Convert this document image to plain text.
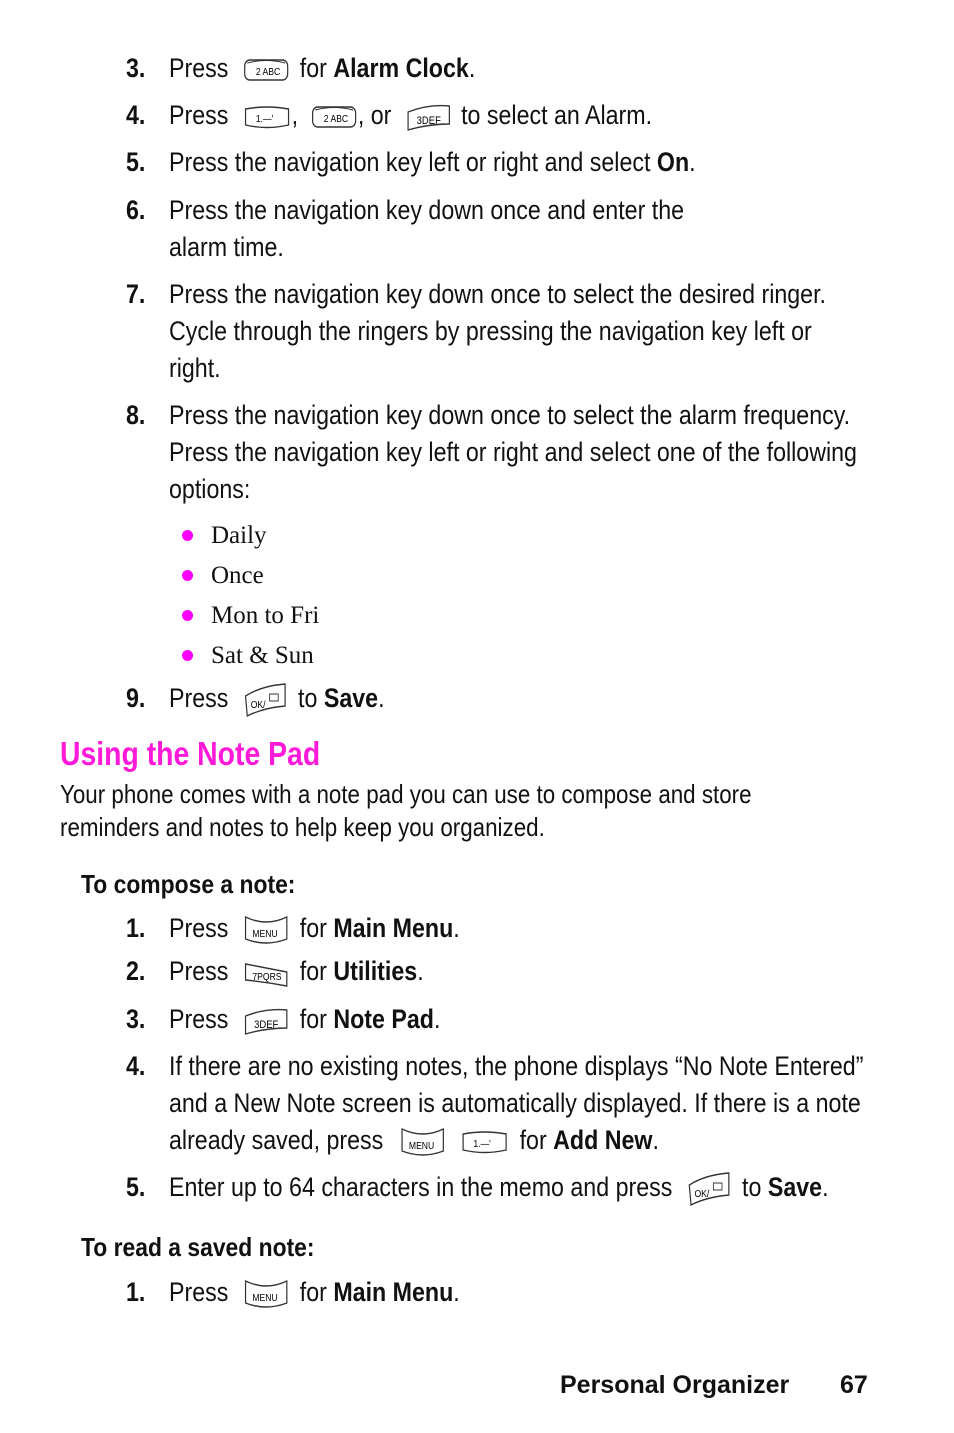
3. Press	2 ABC for Alarm Clock.
4. Press	1.—' ,	2 ABC , or 3DEF to select an Alarm.
5. Press the navigation key left or right and select On.
6. Press the navigation key down once and enter the
alarm time.
7. Press the navigation key down once to select the desired ringer.
Cycle through the ringers by pressing the navigation key left or
right.
8. Press the navigation key down once to select the alarm frequency.
Press the navigation key left or right and select one of the following
options:
Daily
Once
Mon to Fri
Sat & Sun
9. Press OK/ to Save.
Using the Note Pad
Your phone comes with a note pad you can use to compose and store
reminders and notes to help keep you organized.
To compose a note:
1. Press MENU for Main Menu.
2. Press 7PQRS for Utilities.
3. Press 3DEF for Note Pad.
4. If there are no existing notes, the phone displays “No Note Entered”
and a New Note screen is automatically displayed. If there is a note
already saved, press	MENU
	1.—' for Add New.
5. Enter up to 64 characters in the memo and press OK/ to Save.
To read a saved note:
1. Press MENU for Main Menu.
Personal Organizer 67
